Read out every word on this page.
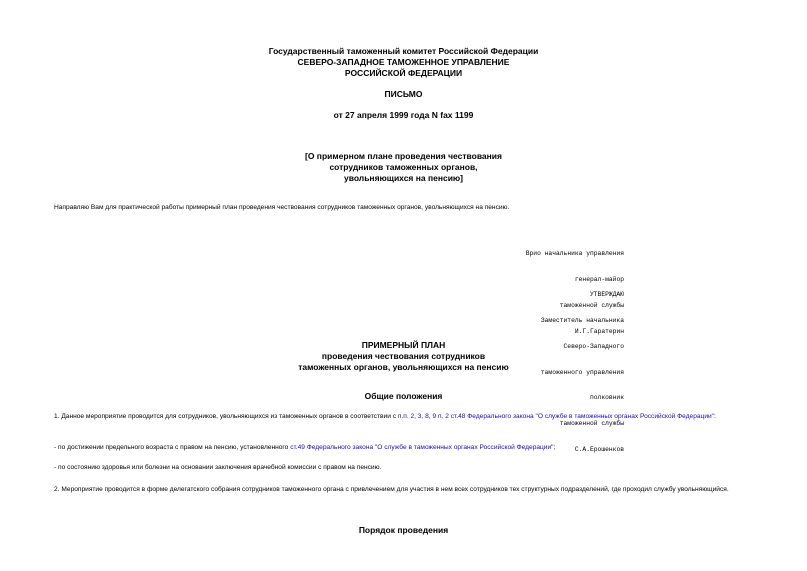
Государственный таможенный комитет Российской Федерации
СЕВЕРО-ЗАПАДНОЕ ТАМОЖЕННОЕ УПРАВЛЕНИЕ
РОССИЙСКОЙ ФЕДЕРАЦИИ
ПИСЬМО
от 27 апреля 1999 года N fax 1199
[О примерном плане проведения чествования
сотрудников таможенных органов,
увольняющихся на пенсию]
Направляю Вам для практической работы примерный план проведения чествования сотрудников таможенных органов, увольняющихся на пенсию.

Врио начальника управления

генерал-майор

таможенной службы

И.Г.Гаратерин

УТВЕРЖДАЮ

Заместитель начальника

Северо-Западного

таможенного управления

полковник

таможенной службы

С.А.Ерошенков

ПРИМЕРНЫЙ ПЛАН
проведения чествования сотрудников
таможенных органов, увольняющихся на пенсию
Общие положения
1. Данное мероприятие проводится для сотрудников, увольняющихся из таможенных органов в соответствии с п.п. 2, 3, 8, 9 п. 2 ст.48 Федерального закона "О службе в таможенных органах Российской Федерации":
- по достижении предельного возраста с правом на пенсию, установленного ст.49 Федерального закона "О службе в таможенных органах Российской Федерации";
- по состоянию здоровья или болезни на основании заключения врачебной комиссии с правом на пенсию.
2. Мероприятие проводится в форме делегатского собрания сотрудников таможенного органа с привлечением для участия в нем всех сотрудников тех структурных подразделений, где проходил службу увольняющийся.
Порядок проведения
